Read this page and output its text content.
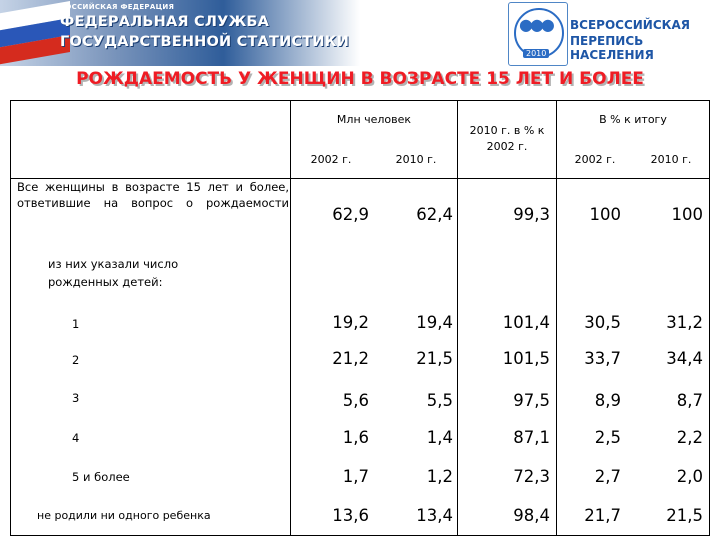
РОССИЙСКАЯ ФЕДЕРАЦИЯ
ФЕДЕРАЛЬНАЯ СЛУЖБА
ГОСУДАРСТВЕННОЙ СТАТИСТИКИ
●●●
2010
ВСЕРОССИЙСКАЯ
ПЕРЕПИСЬ НАСЕЛЕНИЯ
РОЖДАЕМОСТЬ У ЖЕНЩИН В ВОЗРАСТЕ 15 ЛЕТ И БОЛЕЕ
Млн человек
2010 г. в % к 2002 г.
В % к итогу
2002 г.	2010 г.	2002 г.	2010 г.
Все женщины в возрасте 15 лет и более, ответившие на вопрос о рождаемости
62,9	62,4	99,3	100	100
из них указали число рожденных детей:
1	19,2	19,4	101,4	30,5	31,2
2	21,2	21,5	101,5	33,7	34,4
3	5,6	5,5	97,5	8,9	8,7
4	1,6	1,4	87,1	2,5	2,2
5 и более	1,7	1,2	72,3	2,7	2,0
не родили ни одного ребенка	13,6	13,4	98,4	21,7	21,5
